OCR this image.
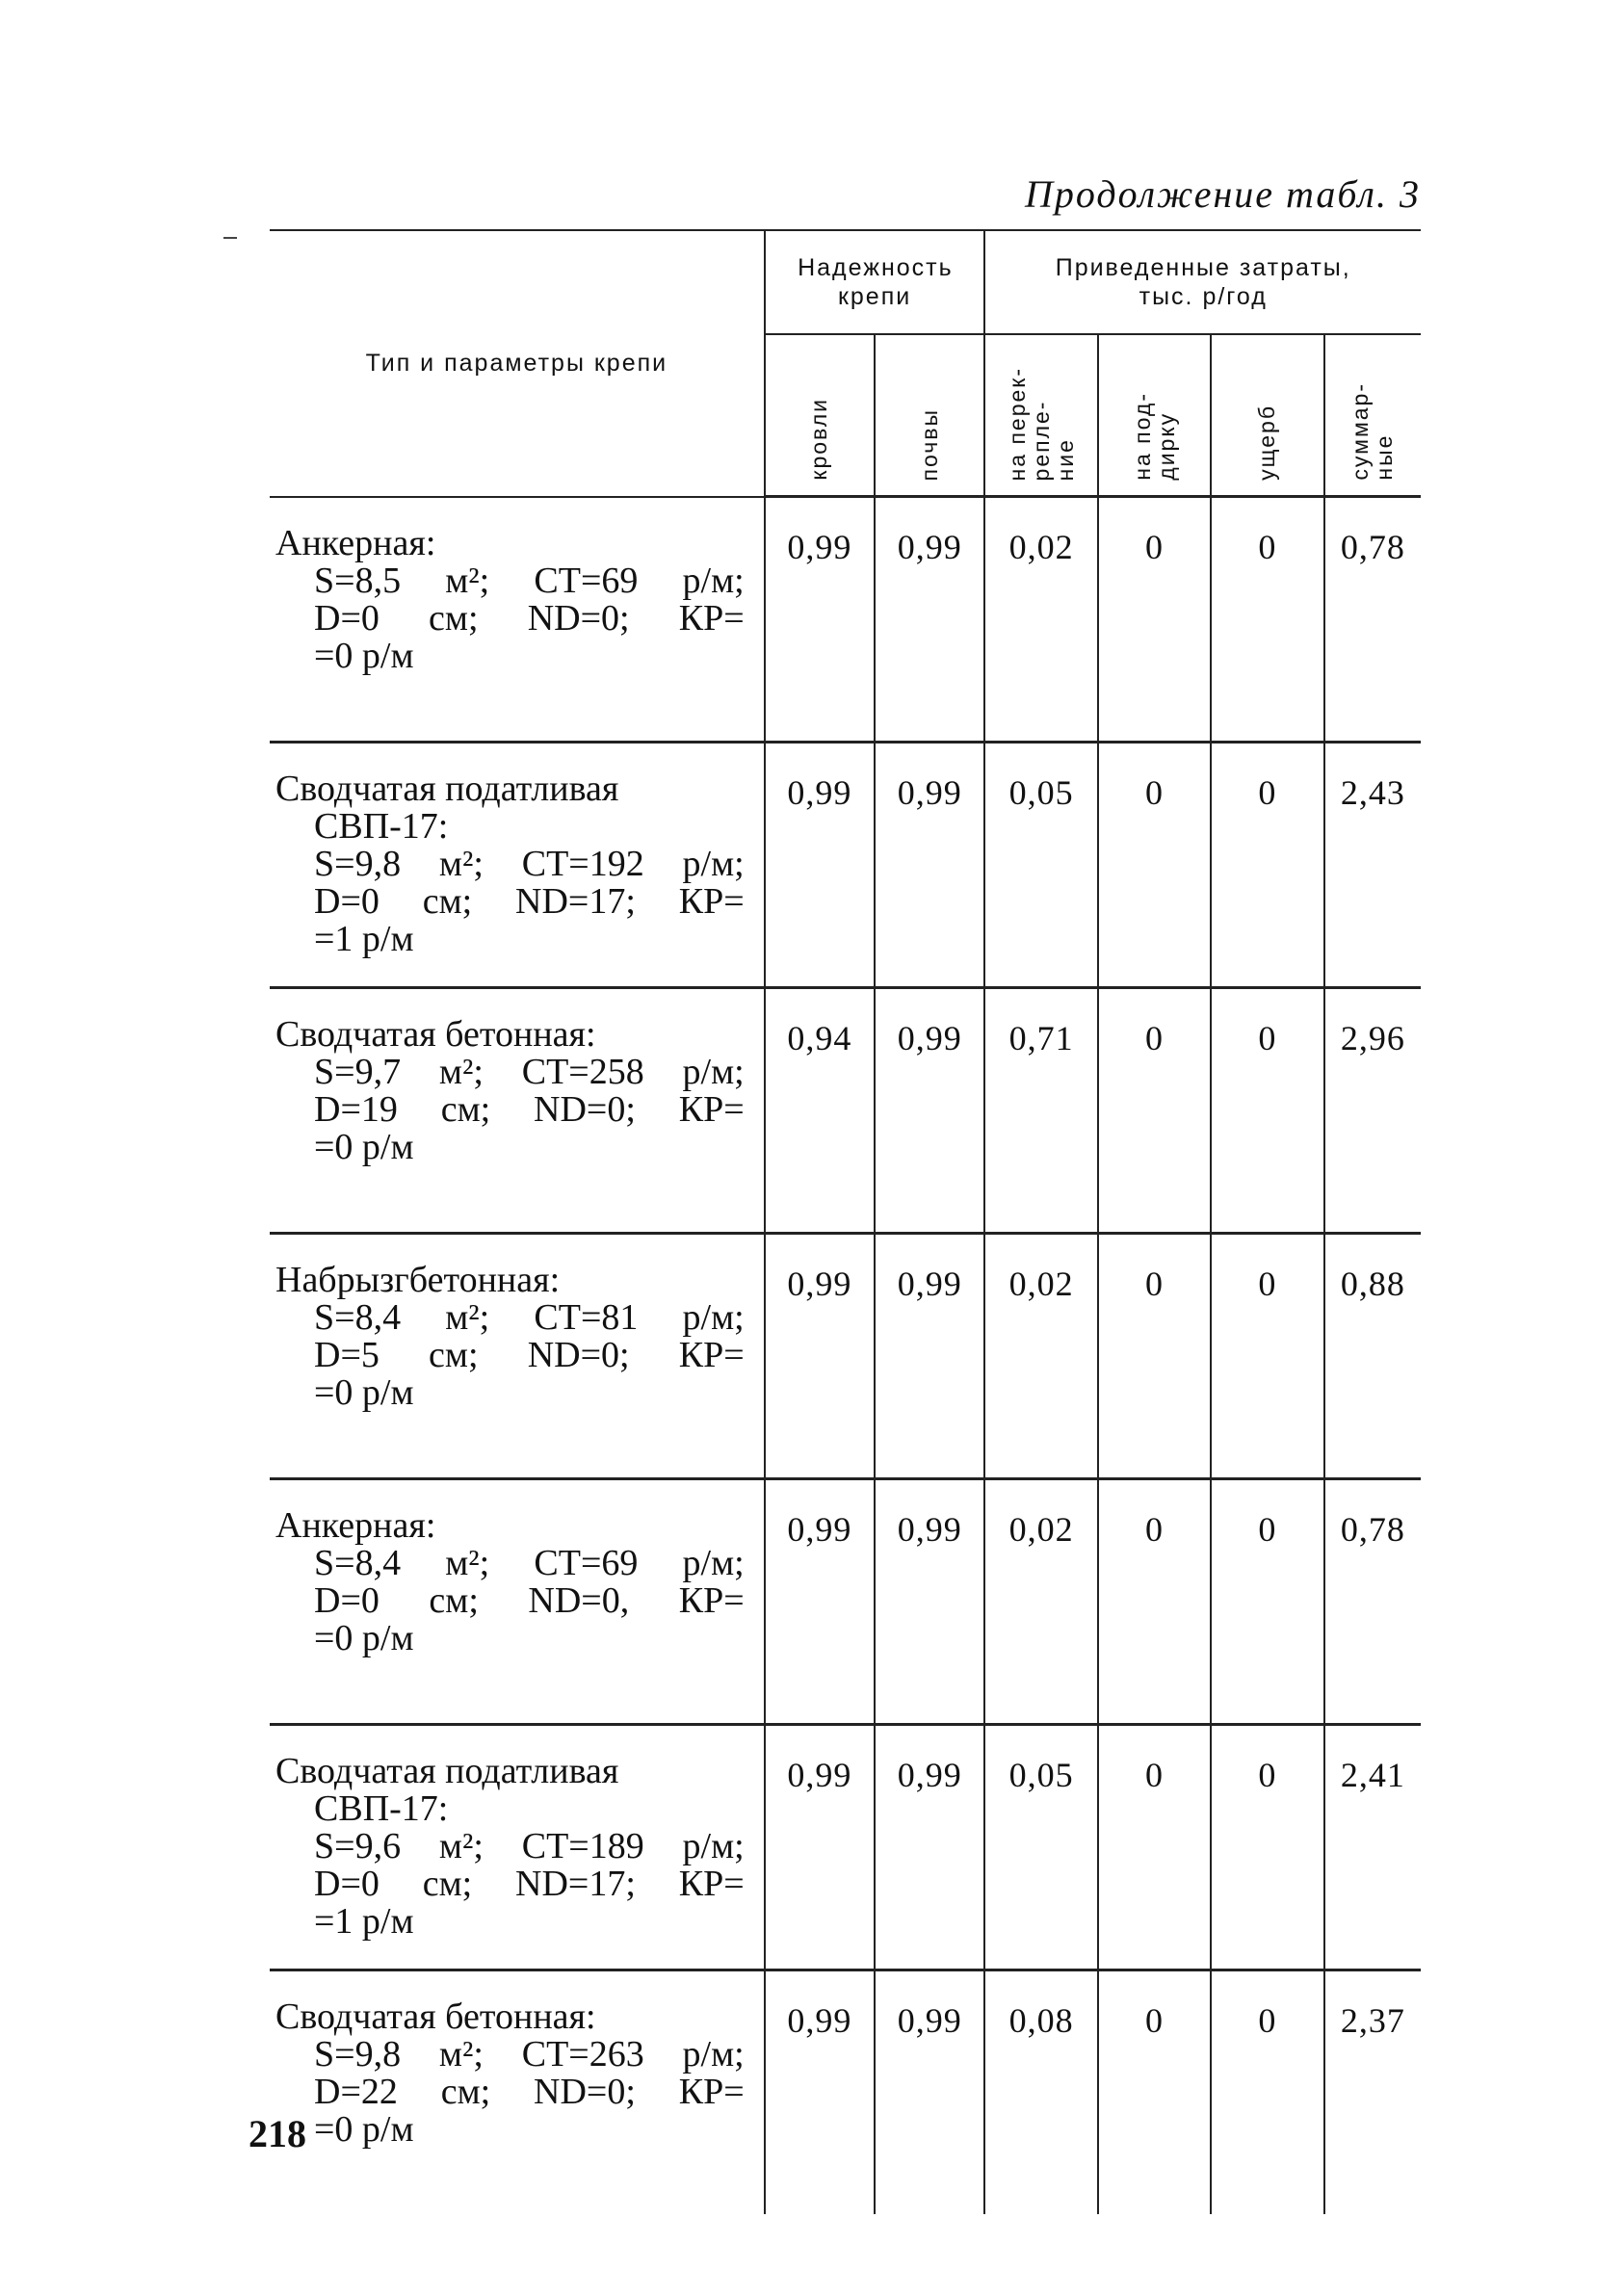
Продолжение табл. 3
Тип и параметры крепи	Надежность крепи		Приведенные затраты,
тыс. р/год			

	кровли	почвы	на перек-
репле-
ние	на под-
дирку	ущерб	суммар-
ные

Анкерная:
S=8,5 м²; СТ=69 р/м;
D=0 см; ND=0; КР=
=0 р/м	0,99	0,99	0,02	0	0	0,78

Сводчатая податливая
СВП-17:
S=9,8 м²; СТ=192 р/м;
D=0 см; ND=17; КР=
=1 р/м	0,99	0,99	0,05	0	0	2,43

Сводчатая бетонная:
S=9,7 м²; СТ=258 р/м;
D=19 см; ND=0; КР=
=0 р/м	0,94	0,99	0,71	0	0	2,96

Набрызгбетонная:
S=8,4 м²; СТ=81 р/м;
D=5 см; ND=0; КР=
=0 р/м	0,99	0,99	0,02	0	0	0,88

Анкерная:
S=8,4 м²; СТ=69 р/м;
D=0 см; ND=0, КР=
=0 р/м	0,99	0,99	0,02	0	0	0,78

Сводчатая податливая
СВП-17:
S=9,6 м²; СТ=189 р/м;
D=0 см; ND=17; КР=
=1 р/м	0,99	0,99	0,05	0	0	2,41

Сводчатая бетонная:
S=9,8 м²; СТ=263 р/м;
D=22 см; ND=0; КР=
=0 р/м	0,99	0,99	0,08	0	0	2,37
218
